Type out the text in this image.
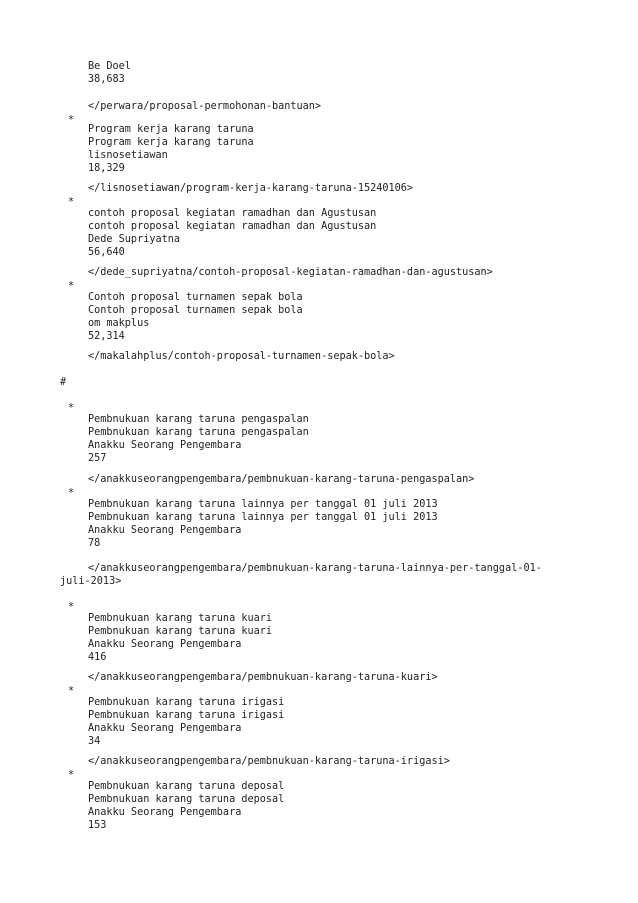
Be Doel
38,683
</perwara/proposal-permohonan-bantuan>
*
Program kerja karang taruna
Program kerja karang taruna
lisnosetiawan
18,329
</lisnosetiawan/program-kerja-karang-taruna-15240106>
*
contoh proposal kegiatan ramadhan dan Agustusan
contoh proposal kegiatan ramadhan dan Agustusan
Dede Supriyatna
56,640
</dede_supriyatna/contoh-proposal-kegiatan-ramadhan-dan-agustusan>
*
Contoh proposal turnamen sepak bola
Contoh proposal turnamen sepak bola
om makplus
52,314
</makalahplus/contoh-proposal-turnamen-sepak-bola>
#
*
Pembnukuan karang taruna pengaspalan
Pembnukuan karang taruna pengaspalan
Anakku Seorang Pengembara
257
</anakkuseorangpengembara/pembnukuan-karang-taruna-pengaspalan>
*
Pembnukuan karang taruna lainnya per tanggal 01 juli 2013
Pembnukuan karang taruna lainnya per tanggal 01 juli 2013
Anakku Seorang Pengembara
78
</anakkuseorangpengembara/pembnukuan-karang-taruna-lainnya-per-tanggal-01-
juli-2013>
*
Pembnukuan karang taruna kuari
Pembnukuan karang taruna kuari
Anakku Seorang Pengembara
416
</anakkuseorangpengembara/pembnukuan-karang-taruna-kuari>
*
Pembnukuan karang taruna irigasi
Pembnukuan karang taruna irigasi
Anakku Seorang Pengembara
34
</anakkuseorangpengembara/pembnukuan-karang-taruna-irigasi>
*
Pembnukuan karang taruna deposal
Pembnukuan karang taruna deposal
Anakku Seorang Pengembara
153
